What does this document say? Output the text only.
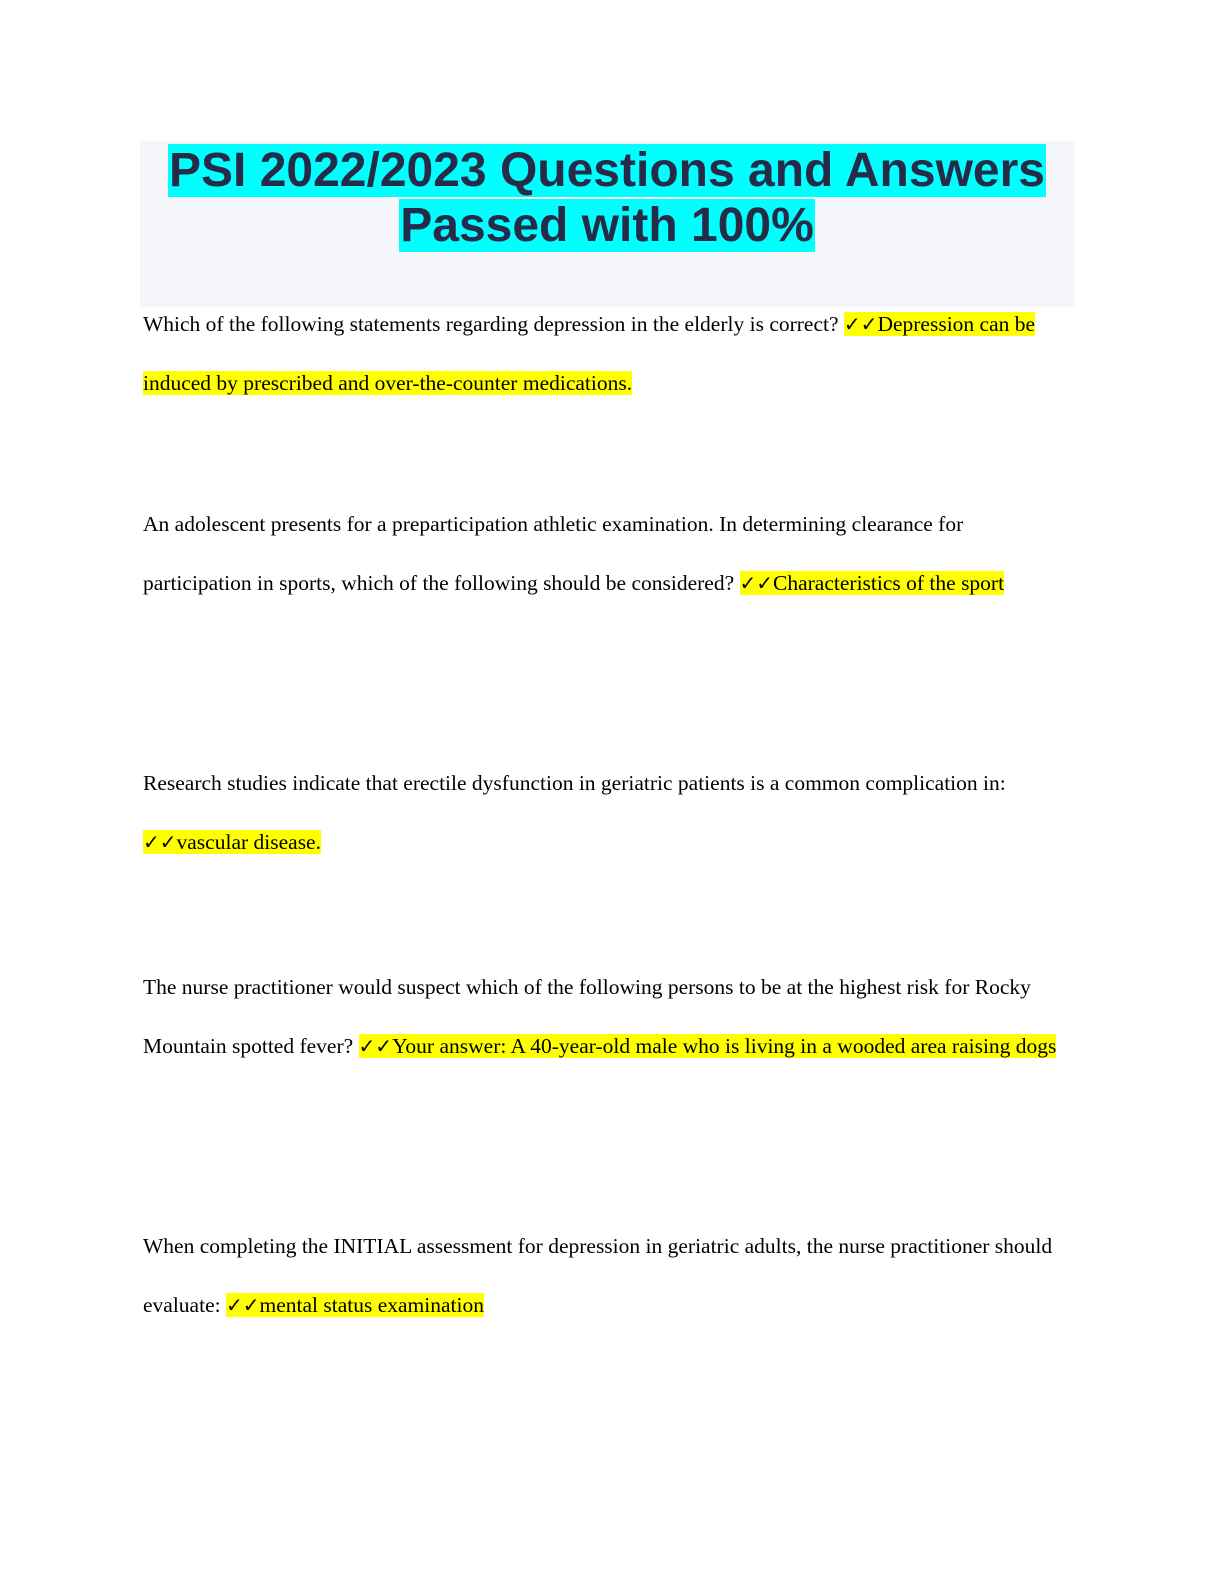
PSI 2022/2023 Questions and Answers

Passed with 100%

Which of the following statements regarding depression in the elderly is correct? ✓✓Depression can be induced by prescribed and over-the-counter medications.

An adolescent presents for a preparticipation athletic examination. In determining clearance for participation in sports, which of the following should be considered? ✓✓Characteristics of the sport

Research studies indicate that erectile dysfunction in geriatric patients is a common complication in: ✓✓vascular disease.

The nurse practitioner would suspect which of the following persons to be at the highest risk for Rocky Mountain spotted fever? ✓✓Your answer: A 40-year-old male who is living in a wooded area raising dogs

When completing the INITIAL assessment for depression in geriatric adults, the nurse practitioner should evaluate: ✓✓mental status examination
